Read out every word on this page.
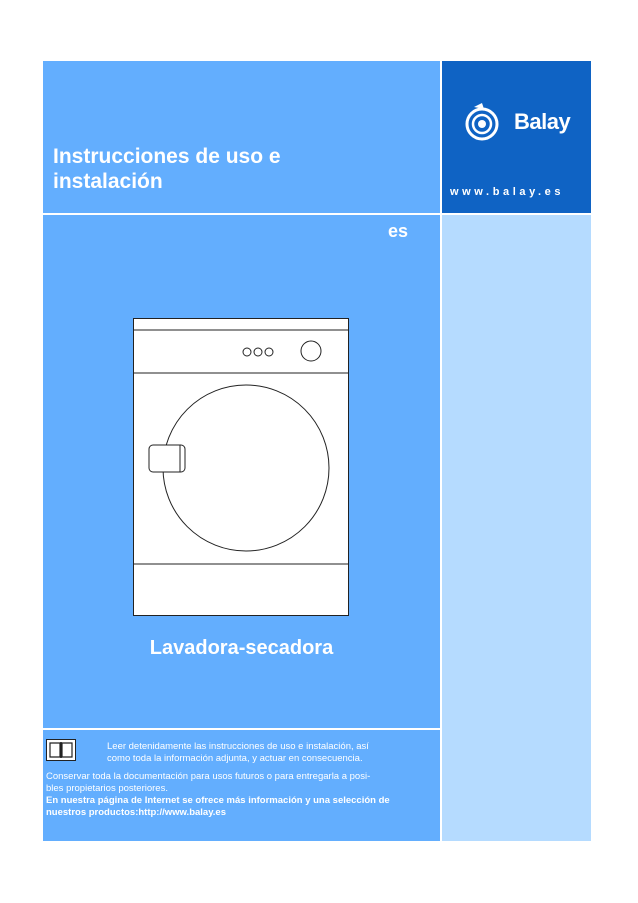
Instrucciones de uso e
instalación
es
Balay
www.balay.es
Lavadora-secadora
Leer detenidamente las instrucciones de uso e instalación, así
como toda la información adjunta, y actuar en consecuencia.
Conservar toda la documentación para usos futuros o para entregarla a posi-
bles propietarios posteriores.
En nuestra página de Internet se ofrece más información y una selección de
nuestros productos:http://www.balay.es
